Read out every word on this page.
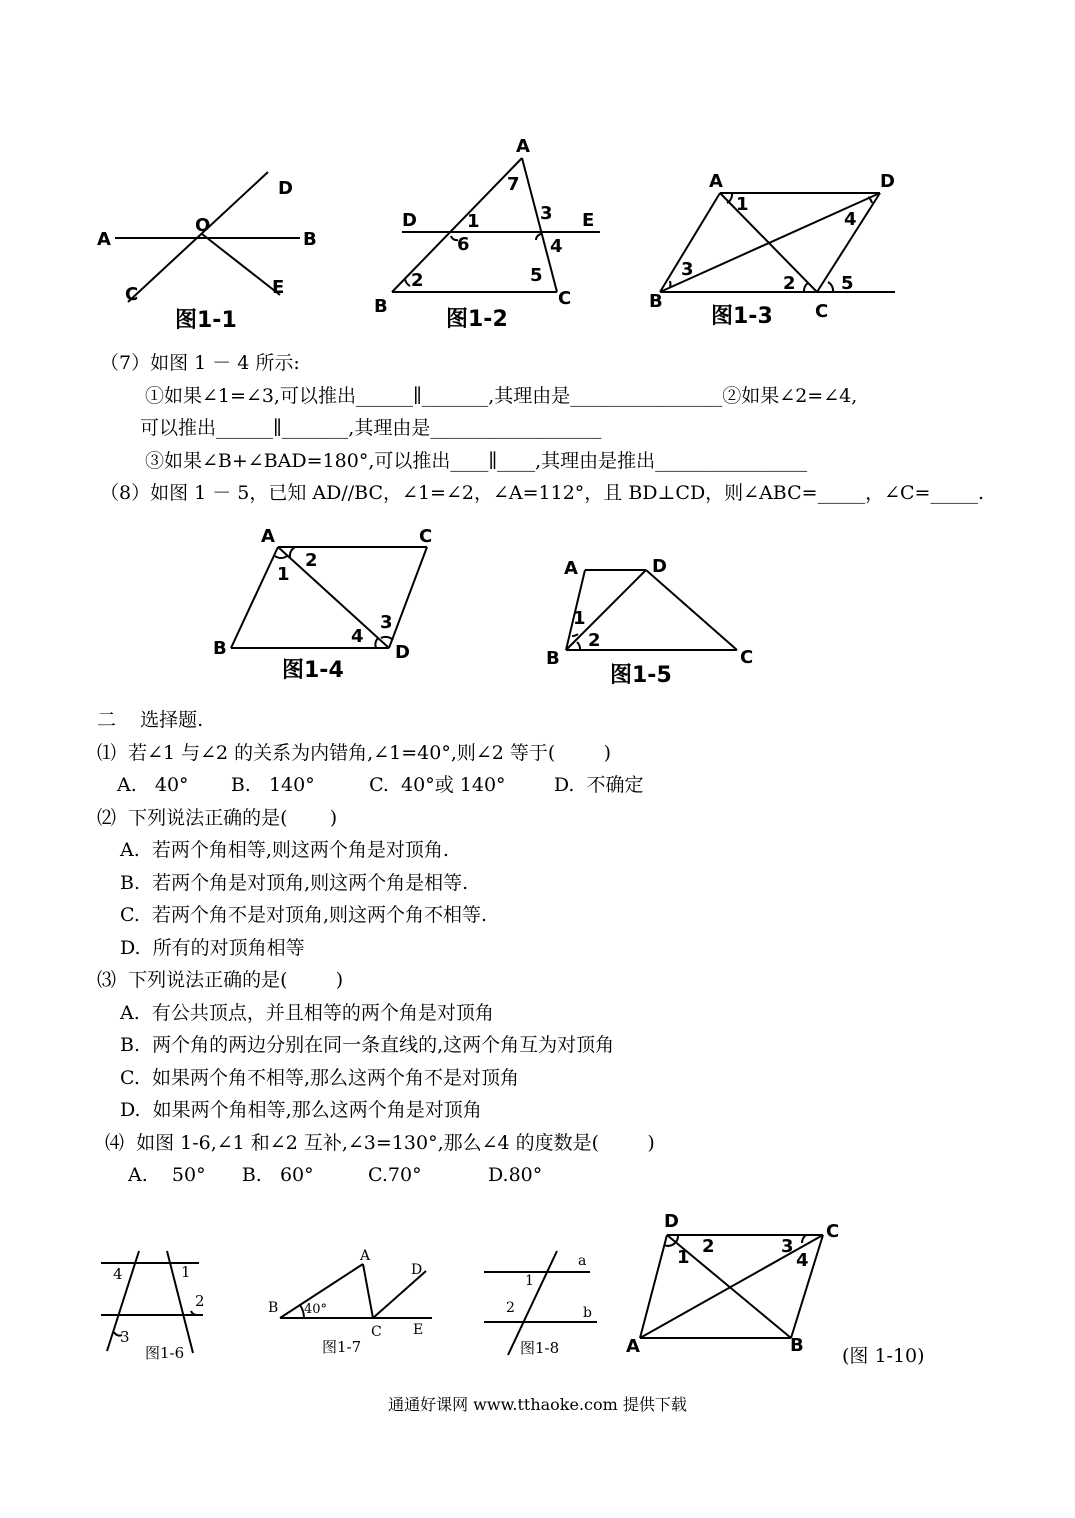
A	B
C
D
E
O
图1-1
A
B	C
D	E
1
2
3
4
5
6
7
图1-2
A
B	C
D
1
2
3
4
5
图1-3
（7）如图 1 － 4 所示:
①如果∠1=∠3,可以推出______∥_______,其理由是________________②如果∠2=∠4,
可以推出______∥_______,其理由是__________________
③如果∠B+∠BAD=180°,可以推出____∥____,其理由是推出________________
（8）如图 1 － 5，已知 AD//BC，∠1=∠2，∠A=112°，且 BD⊥CD，则∠ABC=_____，∠C=_____.
A
B
C
D
1
2
3
4
图1-4
A
B	C
D
1
2
图1-5
二    选择题.
⑴  若∠1 与∠2 的关系为内错角,∠1=40°,则∠2 等于(        )
A.   40°       B.   140°         C.  40°或 140°        D.  不确定
⑵  下列说法正确的是(       )
A.  若两个角相等,则这两个角是对顶角.
B.  若两个角是对顶角,则这两个角是相等.
C.  若两个角不是对顶角,则这两个角不相等.
D.  所有的对顶角相等
⑶  下列说法正确的是(        )
A.  有公共顶点，并且相等的两个角是对顶角
B.  两个角的两边分别在同一条直线的,这两个角互为对顶角
C.  如果两个角不相等,那么这两个角不是对顶角
D.  如果两个角相等,那么这两个角是对顶角
⑷  如图 1-6,∠1 和∠2 互补,∠3=130°,那么∠4 的度数是(        )
A.    50°      B.   60°         C.70°           D.80°
4	1
2
3
图1-6
A
B
C
D
E
40°
图1-7
a
b
1
2
图1-8	A	B
C
D
1
2	3
4
(图 1-10)
通通好课网 www.tthaoke.com 提供下载
